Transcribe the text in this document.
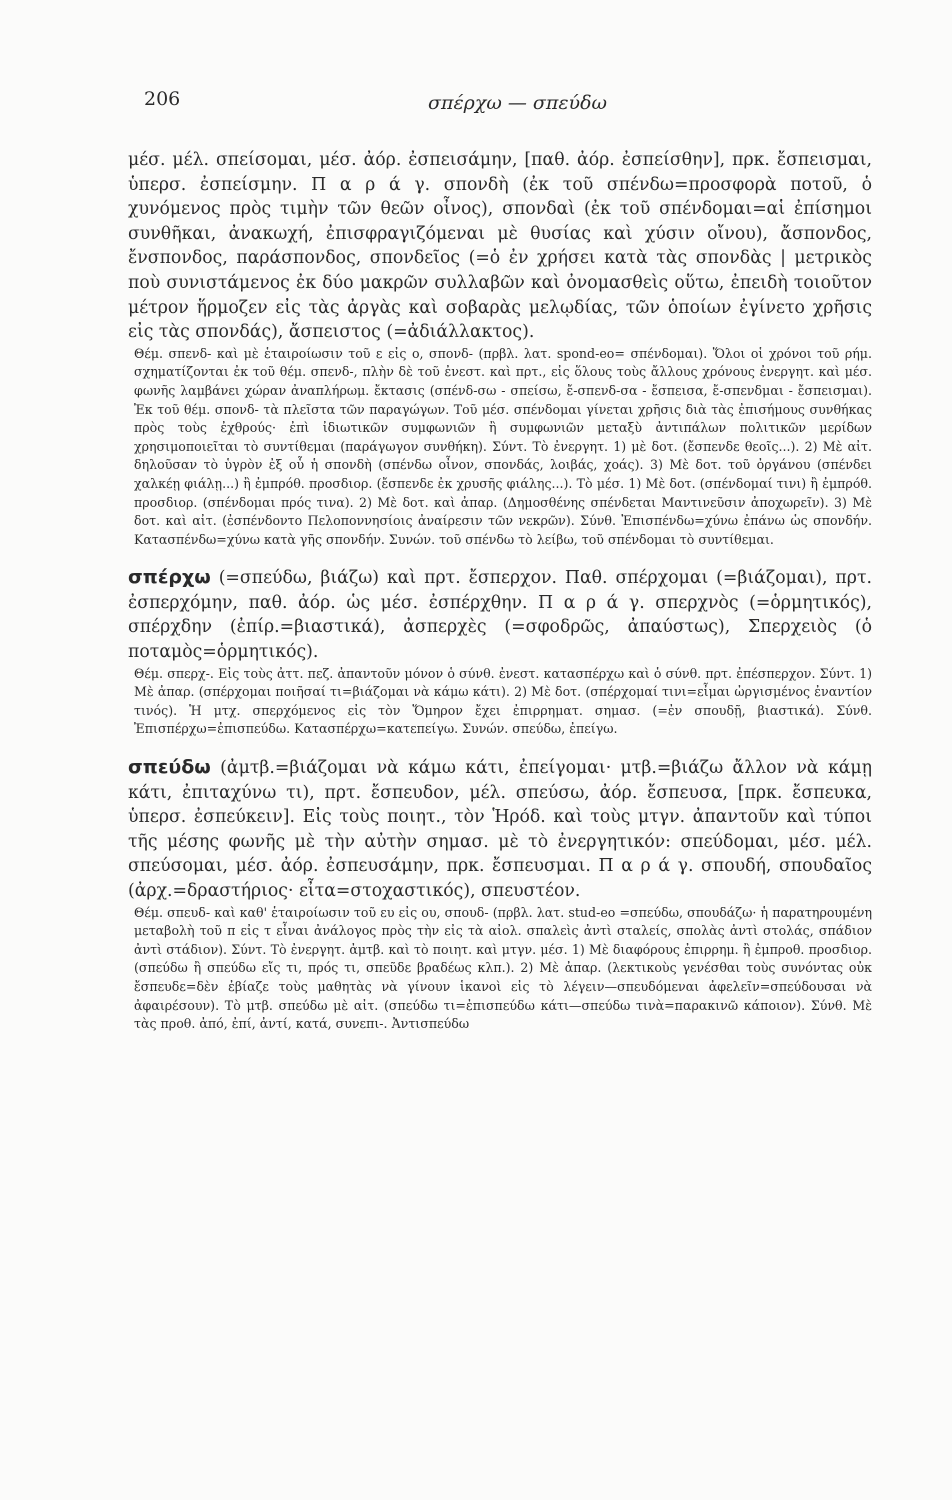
206	σπέρχω — σπεύδω

μέσ. μέλ. σπείσομαι, μέσ. ἀόρ. ἐσπεισάμην, [παθ. ἀόρ. ἐσπείσθην], πρκ. ἔσπεισμαι, ὑπερσ. ἐσπείσμην. Π α ρ ά γ. σπονδὴ (ἐκ τοῦ σπένδω=προσφορὰ ποτοῦ, ὁ χυνόμενος πρὸς τιμὴν τῶν θεῶν οἶνος), σπονδαὶ (ἐκ τοῦ σπένδομαι=αἱ ἐπίσημοι συνθῆκαι, ἀνακωχή, ἐπισφραγιζόμεναι μὲ θυσίας καὶ χύσιν οἴνου), ἄσπονδος, ἔνσπονδος, παράσπονδος, σπονδεῖος (=ὁ ἐν χρήσει κατὰ τὰς σπονδὰς | μετρικὸς ποὺ συνιστάμενος ἐκ δύο μακρῶν συλλαβῶν καὶ ὀνομασθεὶς οὕτω, ἐπειδὴ τοιοῦτον μέτρον ἥρμοζεν εἰς τὰς ἀργὰς καὶ σοβαρὰς μελῳδίας, τῶν ὁποίων ἐγίνετο χρῆσις εἰς τὰς σπονδάς), ἄσπειστος (=ἀδιάλλακτος).

Θέμ. σπενδ- καὶ μὲ ἑταιροίωσιν τοῦ ε εἰς ο, σπονδ- (πρβλ. λατ. spond-eo= σπένδομαι). Ὅλοι οἱ χρόνοι τοῦ ρήμ. σχηματίζονται ἐκ τοῦ θέμ. σπενδ-, πλὴν δὲ τοῦ ἐνεστ. καὶ πρτ., εἰς ὅλους τοὺς ἄλλους χρόνους ἐνεργητ. καὶ μέσ. φωνῆς λαμβάνει χώραν ἀναπλήρωμ. ἔκτασις (σπένδ-σω - σπείσω, ἔ-σπενδ-σα - ἔσπεισα, ἔ-σπενδμαι - ἔσπεισμαι). Ἐκ τοῦ θέμ. σπονδ- τὰ πλεῖστα τῶν παραγώγων. Τοῦ μέσ. σπένδομαι γίνεται χρῆσις διὰ τὰς ἐπισήμους συνθήκας πρὸς τοὺς ἐχθρούς· ἐπὶ ἰδιωτικῶν συμφωνιῶν ἢ συμφωνιῶν μεταξὺ ἀντιπάλων πολιτικῶν μερίδων χρησιμοποιεῖται τὸ συντίθεμαι (παράγωγον συνθήκη). Σύντ. Τὸ ἐνεργητ. 1) μὲ δοτ. (ἔσπενδε θεοῖς...). 2) Μὲ αἰτ. δηλοῦσαν τὸ ὑγρὸν ἐξ οὗ ἡ σπονδὴ (σπένδω οἶνον, σπονδάς, λοιβάς, χοάς). 3) Μὲ δοτ. τοῦ ὀργάνου (σπένδει χαλκέῃ φιάλῃ...) ἢ ἐμπρόθ. προσδιορ. (ἔσπενδε ἐκ χρυσῆς φιάλης...). Τὸ μέσ. 1) Μὲ δοτ. (σπένδομαί τινι) ἢ ἐμπρόθ. προσδιορ. (σπένδομαι πρός τινα). 2) Μὲ δοτ. καὶ ἀπαρ. (Δημοσθένης σπένδεται Μαντινεῦσιν ἀποχωρεῖν). 3) Μὲ δοτ. καὶ αἰτ. (ἐσπένδοντο Πελοποννησίοις ἀναίρεσιν τῶν νεκρῶν). Σύνθ. Ἐπισπένδω=χύνω ἐπάνω ὡς σπονδήν. Κατασπένδω=χύνω κατὰ γῆς σπονδήν. Συνών. τοῦ σπένδω τὸ λείβω, τοῦ σπένδομαι τὸ συντίθεμαι.

σπέρχω (=σπεύδω, βιάζω) καὶ πρτ. ἔσπερχον. Παθ. σπέρχομαι (=βιάζομαι), πρτ. ἐσπερχόμην, παθ. ἀόρ. ὡς μέσ. ἐσπέρχθην. Π α ρ ά γ. σπερχνὸς (=ὁρμητικός), σπέρχδην (ἐπίρ.=βιαστικά), ἀσπερχὲς (=σφοδρῶς, ἀπαύστως), Σπερχειὸς (ὁ ποταμὸς=ὁρμητικός).

Θέμ. σπερχ-. Εἰς τοὺς ἀττ. πεζ. ἀπαντοῦν μόνον ὁ σύνθ. ἐνεστ. κατασπέρχω καὶ ὁ σύνθ. πρτ. ἐπέσπερχον. Σύντ. 1) Μὲ ἀπαρ. (σπέρχομαι ποιῆσαί τι=βιάζομαι νὰ κάμω κάτι). 2) Μὲ δοτ. (σπέρχομαί τινι=εἶμαι ὠργισμένος ἐναντίον τινός). Ἡ μτχ. σπερχόμενος εἰς τὸν Ὅμηρον ἔχει ἐπιρρηματ. σημασ. (=ἐν σπουδῇ, βιαστικά). Σύνθ. Ἐπισπέρχω=ἐπισπεύδω. Κατασπέρχω=κατεπείγω. Συνών. σπεύδω, ἐπείγω.

σπεύδω (ἀμτβ.=βιάζομαι νὰ κάμω κάτι, ἐπείγομαι· μτβ.=βιάζω ἄλλον νὰ κάμῃ κάτι, ἐπιταχύνω τι), πρτ. ἔσπευδον, μέλ. σπεύσω, ἀόρ. ἔσπευσα, [πρκ. ἔσπευκα, ὑπερσ. ἐσπεύκειν]. Εἰς τοὺς ποιητ., τὸν Ἡρόδ. καὶ τοὺς μτγν. ἀπαντοῦν καὶ τύποι τῆς μέσης φωνῆς μὲ τὴν αὐτὴν σημασ. μὲ τὸ ἐνεργητικόν: σπεύδομαι, μέσ. μέλ. σπεύσομαι, μέσ. ἀόρ. ἐσπευσάμην, πρκ. ἔσπευσμαι. Π α ρ ά γ. σπουδή, σπουδαῖος (ἀρχ.=δραστήριος· εἶτα=στοχαστικός), σπευστέον.

Θέμ. σπευδ- καὶ καθ' ἑταιροίωσιν τοῦ ευ εἰς ου, σπουδ- (πρβλ. λατ. stud-eo =σπεύδω, σπουδάζω· ἡ παρατηρουμένη μεταβολὴ τοῦ π εἰς τ εἶναι ἀνάλογος πρὸς τὴν εἰς τὰ αἰολ. σπαλεὶς ἀντὶ σταλείς, σπολὰς ἀντὶ στολάς, σπάδιον ἀντὶ στάδιον). Σύντ. Τὸ ἐνεργητ. ἀμτβ. καὶ τὸ ποιητ. καὶ μτγν. μέσ. 1) Μὲ διαφόρους ἐπιρρημ. ἢ ἐμπροθ. προσδιορ. (σπεύδω ἢ σπεύδω εἴς τι, πρός τι, σπεῦδε βραδέως κλπ.). 2) Μὲ ἀπαρ. (λεκτικοὺς γενέσθαι τοὺς συνόντας οὐκ ἔσπευδε=δὲν ἐβίαζε τοὺς μαθητὰς νὰ γίνουν ἱκανοὶ εἰς τὸ λέγειν—σπευδόμεναι ἀφελεῖν=σπεύδουσαι νὰ ἀφαιρέσουν). Τὸ μτβ. σπεύδω μὲ αἰτ. (σπεύδω τι=ἐπισπεύδω κάτι—σπεύδω τινὰ=παρακινῶ κάποιον). Σύνθ. Μὲ τὰς προθ. ἀπό, ἐπί, ἀντί, κατά, συνεπι-. Ἀντισπεύδω
